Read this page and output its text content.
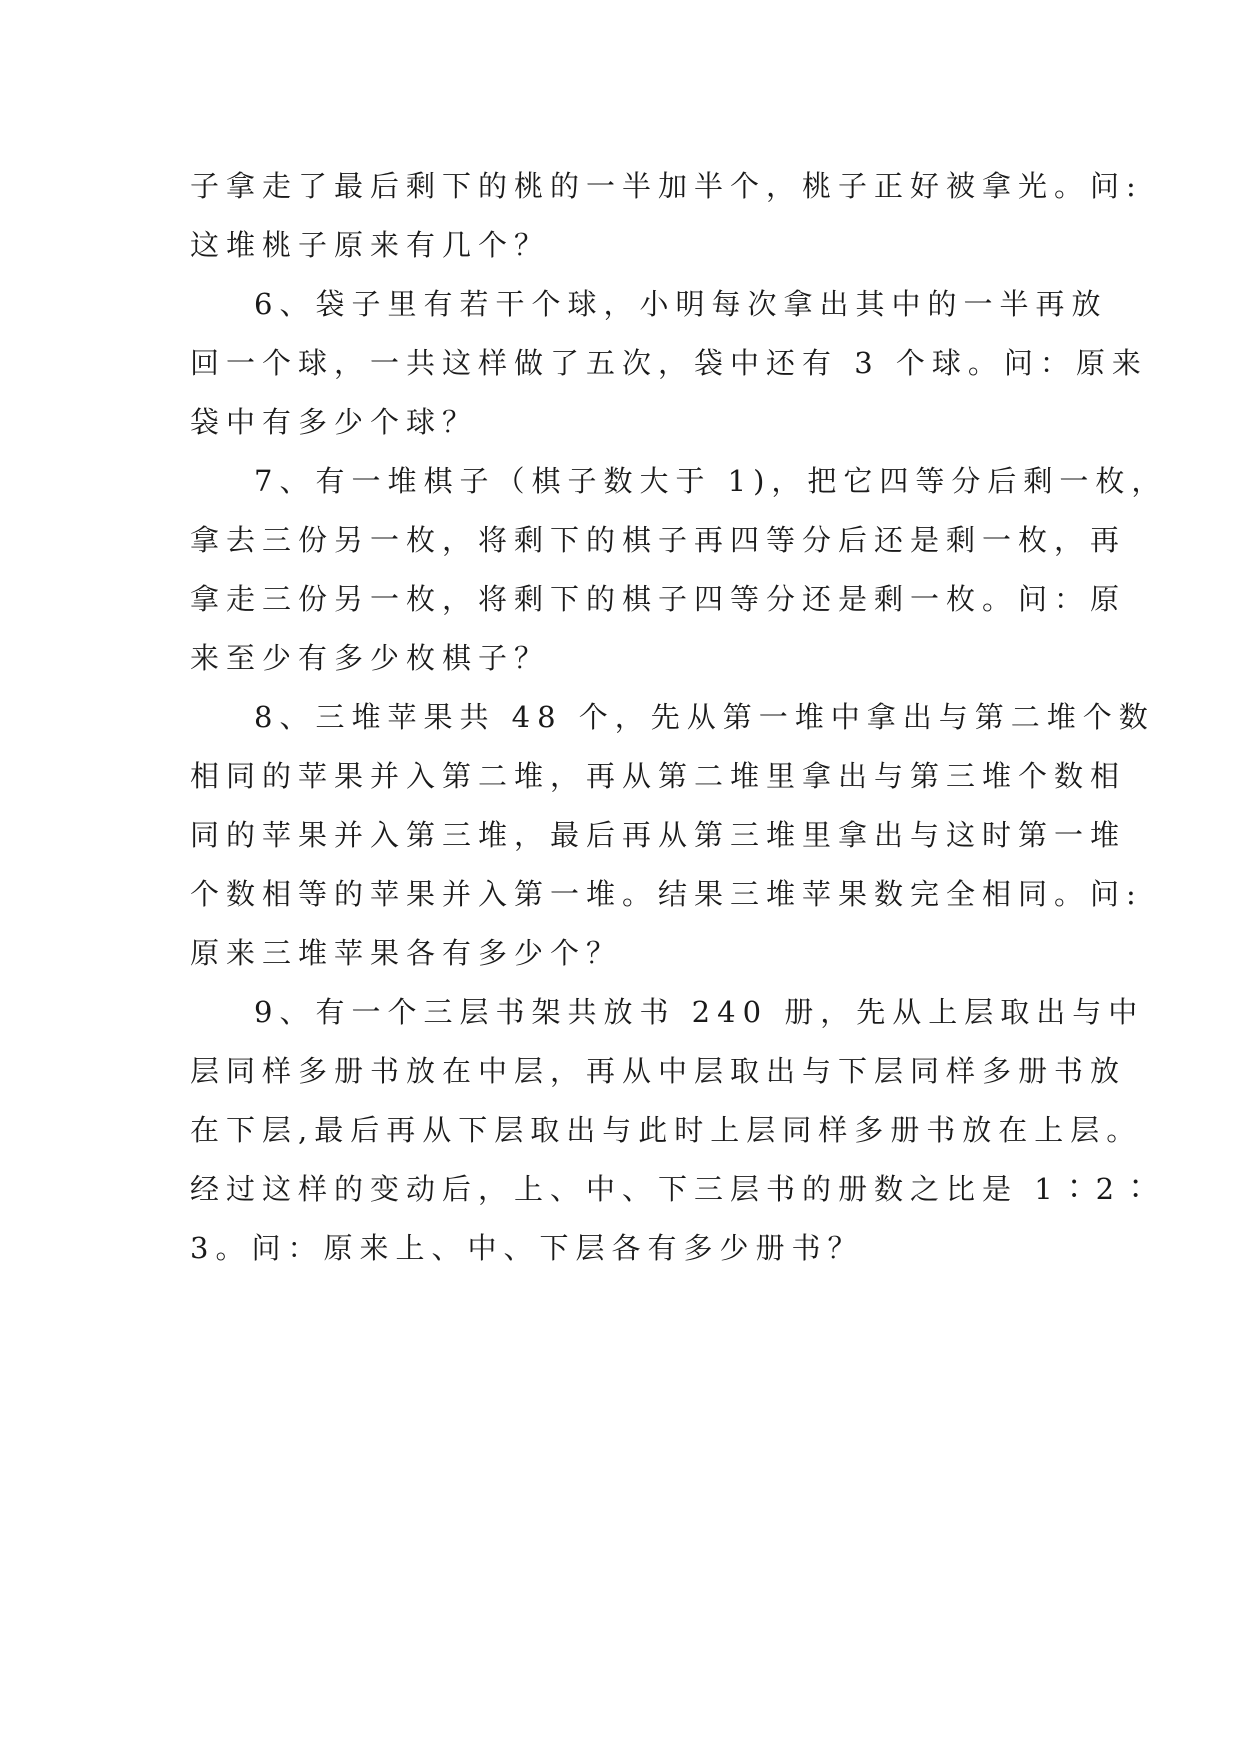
子拿走了最后剩下的桃的一半加半个，桃子正好被拿光。问:
这堆桃子原来有几个？
6、袋子里有若干个球，小明每次拿出其中的一半再放
回一个球，一共这样做了五次，袋中还有 3 个球。问：原来
袋中有多少个球？
7、有一堆棋子（棋子数大于 1)，把它四等分后剩一枚，
拿去三份另一枚，将剩下的棋子再四等分后还是剩一枚，再
拿走三份另一枚，将剩下的棋子四等分还是剩一枚。问：原
来至少有多少枚棋子？
8、三堆苹果共 48 个，先从第一堆中拿出与第二堆个数
相同的苹果并入第二堆，再从第二堆里拿出与第三堆个数相
同的苹果并入第三堆，最后再从第三堆里拿出与这时第一堆
个数相等的苹果并入第一堆。结果三堆苹果数完全相同。问:
原来三堆苹果各有多少个？
9、有一个三层书架共放书 240 册，先从上层取出与中
层同样多册书放在中层，再从中层取出与下层同样多册书放
在下层,最后再从下层取出与此时上层同样多册书放在上层。
经过这样的变动后，上、中、下三层书的册数之比是 1∶2∶
3。问：原来上、中、下层各有多少册书？
